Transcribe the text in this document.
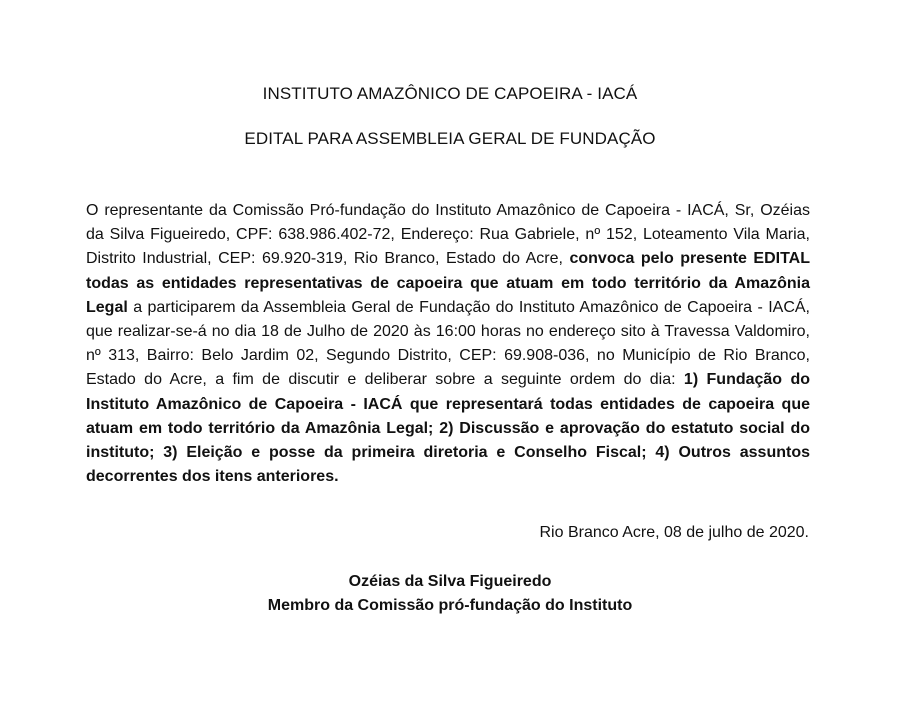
INSTITUTO AMAZÔNICO DE CAPOEIRA - IACÁ
EDITAL PARA ASSEMBLEIA GERAL DE FUNDAÇÃO
O representante da Comissão Pró-fundação do Instituto Amazônico de Capoeira - IACÁ, Sr, Ozéias da Silva Figueiredo, CPF: 638.986.402-72, Endereço: Rua Gabriele, nº 152, Loteamento Vila Maria, Distrito Industrial, CEP: 69.920-319, Rio Branco, Estado do Acre, convoca pelo presente EDITAL todas as entidades representativas de capoeira que atuam em todo território da Amazônia Legal a participarem da Assembleia Geral de Fundação do Instituto Amazônico de Capoeira - IACÁ, que realizar-se-á no dia 18 de Julho de 2020 às 16:00 horas no endereço sito à Travessa Valdomiro, nº 313, Bairro: Belo Jardim 02, Segundo Distrito, CEP: 69.908-036, no Município de Rio Branco, Estado do Acre, a fim de discutir e deliberar sobre a seguinte ordem do dia: 1) Fundação do Instituto Amazônico de Capoeira - IACÁ que representará todas entidades de capoeira que atuam em todo território da Amazônia Legal; 2) Discussão e aprovação do estatuto social do instituto; 3) Eleição e posse da primeira diretoria e Conselho Fiscal; 4) Outros assuntos decorrentes dos itens anteriores.
Rio Branco Acre, 08 de julho de 2020.
Ozéias da Silva Figueiredo
Membro da Comissão pró-fundação do Instituto
